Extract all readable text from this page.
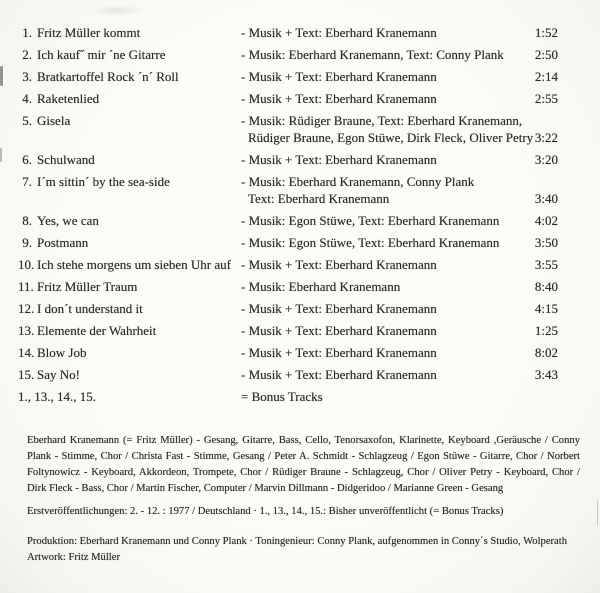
1. Fritz Müller kommt	- Musik + Text: Eberhard Kranemann	1:52
2. Ich kauf˝ mir ´ne Gitarre	- Musik: Eberhard Kranemann, Text: Conny Plank	2:50
3. Bratkartoffel Rock ´n´ Roll	- Musik + Text: Eberhard Kranemann	2:14
4. Raketenlied	- Musik + Text: Eberhard Kranemann	2:55
5. Gisela	- Musik: Rüdiger Braune, Text: Eberhard Kranemann,
Rüdiger Braune, Egon Stüwe, Dirk Fleck, Oliver Petry 3:22
6. Schulwand	- Musik + Text: Eberhard Kranemann	3:20
7. I´m sittin´ by the sea-side	- Musik: Eberhard Kranemann, Conny Plank
Text: Eberhard Kranemann	3:40
8. Yes, we can	- Musik: Egon Stüwe, Text: Eberhard Kranemann	4:02
9. Postmann	- Musik: Egon Stüwe, Text: Eberhard Kranemann	3:50
10. Ich stehe morgens um sieben Uhr auf - Musik + Text: Eberhard Kranemann	3:55
11. Fritz Müller Traum	- Musik: Eberhard Kranemann	8:40
12. I don´t understand it	- Musik + Text: Eberhard Kranemann	4:15
13. Elemente der Wahrheit	- Musik + Text: Eberhard Kranemann	1:25
14. Blow Job	- Musik + Text: Eberhard Kranemann	8:02
15. Say No!	- Musik + Text: Eberhard Kranemann	3:43
1., 13., 14., 15.	= Bonus Tracks
Eberhard Kranemann (= Fritz Müller) - Gesang, Gitarre, Bass, Cello, Tenorsaxofon, Klarinette, Keyboard ,Geräusche / Conny
Plank - Stimme, Chor / Christa Fast - Stimme, Gesang / Peter A. Schmidt - Schlagzeug / Egon Stüwe - Gitarre, Chor / Norbert
Foltynowicz - Keyboard, Akkordeon, Trompete, Chor / Rüdiger Braune - Schlagzeug, Chor / Oliver Petry - Keyboard, Chor /
Dirk Fleck - Bass, Chor / Martin Fischer, Computer / Marvin Dillmann - Didgeridoo / Marianne Green - Gesang
Erstveröffentlichungen: 2. - 12. : 1977 / Deutschland · 1., 13., 14., 15.: Bisher unveröffentlicht (= Bonus Tracks)
Produktion: Eberhard Kranemann und Conny Plank · Toningenieur: Conny Plank, aufgenommen in Conny´s Studio, Wolperath
Artwork: Fritz Müller
